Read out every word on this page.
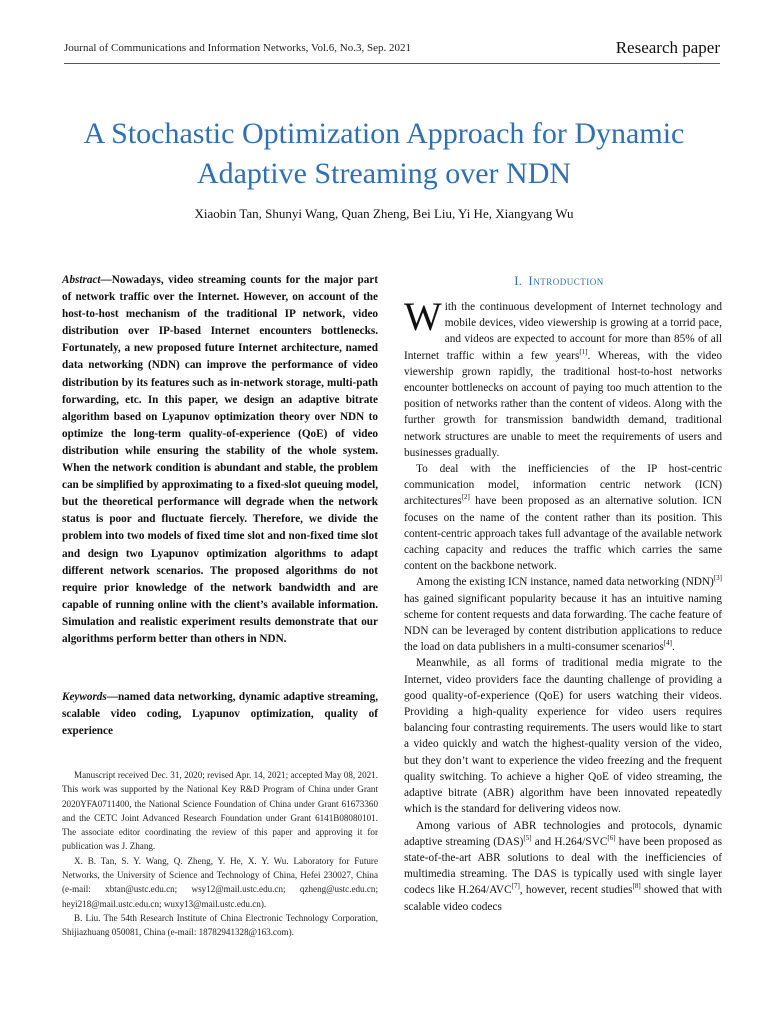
Journal of Communications and Information Networks, Vol.6, No.3, Sep. 2021	Research paper
A Stochastic Optimization Approach for Dynamic
Adaptive Streaming over NDN
Xiaobin Tan, Shunyi Wang, Quan Zheng, Bei Liu, Yi He, Xiangyang Wu

Abstract—Nowadays, video streaming counts for the major part of network traffic over the Internet. However, on account of the host-to-host mechanism of the traditional IP network, video distribution over IP-based Internet encounters bottlenecks. Fortunately, a new proposed future Internet architecture, named data networking (NDN) can improve the performance of video distribution by its features such as in-network storage, multi-path forwarding, etc. In this paper, we design an adaptive bitrate algorithm based on Lyapunov optimization theory over NDN to optimize the long-term quality-of-experience (QoE) of video distribution while ensuring the stability of the whole system. When the network condition is abundant and stable, the problem can be simplified by approximating to a fixed-slot queuing model, but the theoretical performance will degrade when the network status is poor and fluctuate fiercely. Therefore, we divide the problem into two models of fixed time slot and non-fixed time slot and design two Lyapunov optimization algorithms to adapt different network scenarios. The proposed algorithms do not require prior knowledge of the network bandwidth and are capable of running online with the client’s available information. Simulation and realistic experiment results demonstrate that our algorithms perform better than others in NDN.

Keywords—named data networking, dynamic adaptive streaming, scalable video coding, Lyapunov optimization, quality of experience

Manuscript received Dec. 31, 2020; revised Apr. 14, 2021; accepted May 08, 2021. This work was supported by the National Key R&D Program of China under Grant 2020YFA0711400, the National Science Foundation of China under Grant 61673360 and the CETC Joint Advanced Research Foundation under Grant 6141B08080101. The associate editor coordinating the review of this paper and approving it for publication was J. Zhang.

X. B. Tan, S. Y. Wang, Q. Zheng, Y. He, X. Y. Wu. Laboratory for Future Networks, the University of Science and Technology of China, Hefei 230027, China (e-mail: xbtan@ustc.edu.cn; wsy12@mail.ustc.edu.cn; qzheng@ustc.edu.cn; heyi218@mail.ustc.edu.cn; wuxy13@mail.ustc.edu.cn).

B. Liu. The 54th Research Institute of China Electronic Technology Corporation, Shijiazhuang 050081, China (e-mail: 18782941328@163.com).

I. Introduction

With the continuous development of Internet technology and mobile devices, video viewership is growing at a torrid pace, and videos are expected to account for more than 85% of all Internet traffic within a few years[1]. Whereas, with the video viewership grown rapidly, the traditional host-to-host networks encounter bottlenecks on account of paying too much attention to the position of networks rather than the content of videos. Along with the further growth for transmission bandwidth demand, traditional network structures are unable to meet the requirements of users and businesses gradually.

To deal with the inefficiencies of the IP host-centric communication model, information centric network (ICN) architectures[2] have been proposed as an alternative solution. ICN focuses on the name of the content rather than its position. This content-centric approach takes full advantage of the available network caching capacity and reduces the traffic which carries the same content on the backbone network.

Among the existing ICN instance, named data networking (NDN)[3] has gained significant popularity because it has an intuitive naming scheme for content requests and data forwarding. The cache feature of NDN can be leveraged by content distribution applications to reduce the load on data publishers in a multi-consumer scenarios[4].

Meanwhile, as all forms of traditional media migrate to the Internet, video providers face the daunting challenge of providing a good quality-of-experience (QoE) for users watching their videos. Providing a high-quality experience for video users requires balancing four contrasting requirements. The users would like to start a video quickly and watch the highest-quality version of the video, but they don’t want to experience the video freezing and the frequent quality switching. To achieve a higher QoE of video streaming, the adaptive bitrate (ABR) algorithm have been innovated repeatedly which is the standard for delivering videos now.

Among various of ABR technologies and protocols, dynamic adaptive streaming (DAS)[5] and H.264/SVC[6] have been proposed as state-of-the-art ABR solutions to deal with the inefficiencies of multimedia streaming. The DAS is typically used with single layer codecs like H.264/AVC[7], however, recent studies[8] showed that with scalable video codecs
